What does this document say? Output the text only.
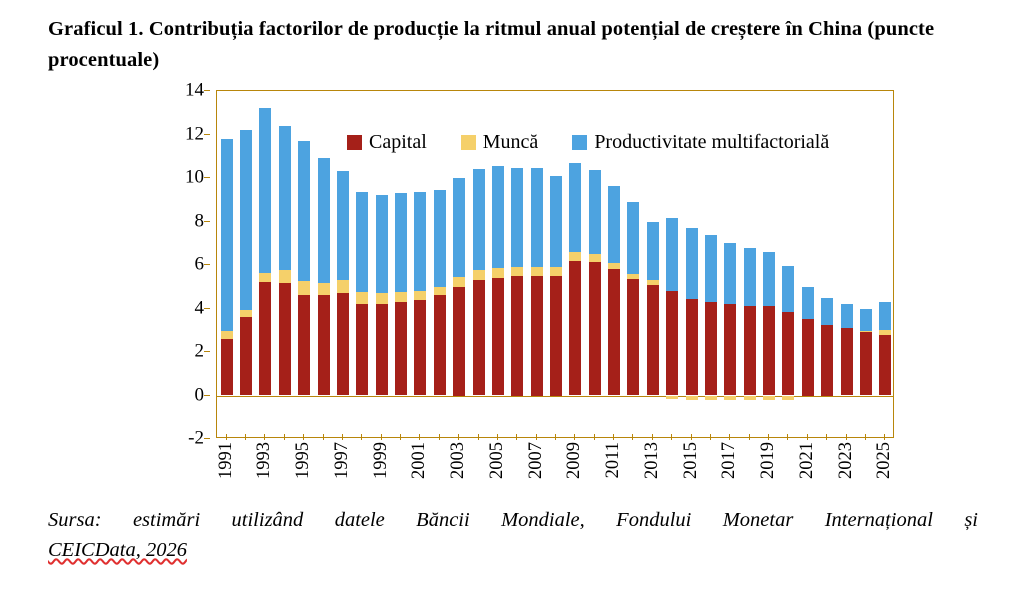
Graficul 1. Contribuția factorilor de producție la ritmul anual potențial de creștere în China (puncte procentuale)
-2
0
2
4
6
8
10
12
14
Capital	Muncă	Productivitate multifactorială
1991 1993 1995 1997 1999 2001 2003 2005 2007 2009 2011 2013 2015 2017 2019 2021 2023 2025
Sursa: estimări utilizând datele Băncii Mondiale, Fondului Monetar Internațional și
CEICData, 2026
